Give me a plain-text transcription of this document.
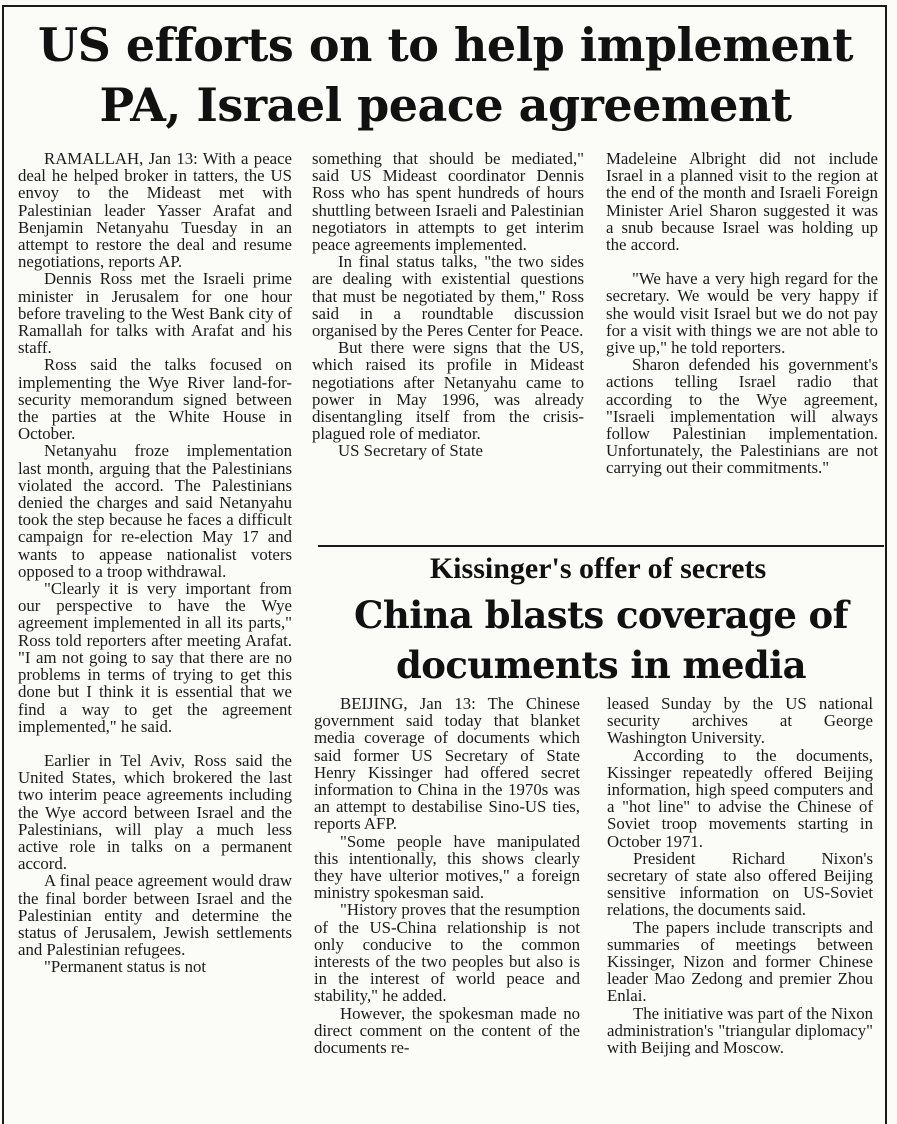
US efforts on to help implement
PA, Israel peace agreement

RAMALLAH, Jan 13: With a peace deal he helped broker in tatters, the US envoy to the Mideast met with Palestinian leader Yasser Arafat and Benjamin Netanyahu Tuesday in an attempt to restore the deal and resume negotiations, reports AP.

Dennis Ross met the Israeli prime minister in Jerusalem for one hour before traveling to the West Bank city of Ramallah for talks with Arafat and his staff.

Ross said the talks focused on implementing the Wye River land-for-security memorandum signed between the parties at the White House in October.

Netanyahu froze implementation last month, arguing that the Palestinians violated the accord. The Palestinians denied the charges and said Netanyahu took the step because he faces a difficult campaign for re-election May 17 and wants to appease nationalist voters opposed to a troop withdrawal.

"Clearly it is very important from our perspective to have the Wye agreement implemented in all its parts," Ross told reporters after meeting Arafat. "I am not going to say that there are no problems in terms of trying to get this done but I think it is essential that we find a way to get the agreement implemented," he said.

Earlier in Tel Aviv, Ross said the United States, which brokered the last two interim peace agreements including the Wye accord between Israel and the Palestinians, will play a much less active role in talks on a permanent accord.

A final peace agreement would draw the final border between Israel and the Palestinian entity and determine the status of Jerusalem, Jewish settlements and Palestinian refugees.

"Permanent status is not

something that should be mediated," said US Mideast coordinator Dennis Ross who has spent hundreds of hours shuttling between Israeli and Palestinian negotiators in attempts to get interim peace agreements implemented.

In final status talks, "the two sides are dealing with existential questions that must be negotiated by them," Ross said in a roundtable discussion organised by the Peres Center for Peace.

But there were signs that the US, which raised its profile in Mideast negotiations after Netanyahu came to power in May 1996, was already disentangling itself from the crisis-plagued role of mediator.

US Secretary of State

Madeleine Albright did not include Israel in a planned visit to the region at the end of the month and Israeli Foreign Minister Ariel Sharon suggested it was a snub because Israel was holding up the accord.

"We have a very high regard for the secretary. We would be very happy if she would visit Israel but we do not pay for a visit with things we are not able to give up," he told reporters.

Sharon defended his government's actions telling Israel radio that according to the Wye agreement, "Israeli implementation will always follow Palestinian implementation. Unfortunately, the Palestinians are not carrying out their commitments."

Kissinger's offer of secrets
China blasts coverage of
documents in media

BEIJING, Jan 13: The Chinese government said today that blanket media coverage of documents which said former US Secretary of State Henry Kissinger had offered secret information to China in the 1970s was an attempt to destabilise Sino-US ties, reports AFP.

"Some people have manipulated this intentionally, this shows clearly they have ulterior motives," a foreign ministry spokesman said.

"History proves that the resumption of the US-China relationship is not only conducive to the common interests of the two peoples but also is in the interest of world peace and stability," he added.

However, the spokesman made no direct comment on the content of the documents re-

leased Sunday by the US national security archives at George Washington University.

According to the documents, Kissinger repeatedly offered Beijing information, high speed computers and a "hot line" to advise the Chinese of Soviet troop movements starting in October 1971.

President Richard Nixon's secretary of state also offered Beijing sensitive information on US-Soviet relations, the documents said.

The papers include transcripts and summaries of meetings between Kissinger, Nizon and former Chinese leader Mao Zedong and premier Zhou Enlai.

The initiative was part of the Nixon administration's "triangular diplomacy" with Beijing and Moscow.
